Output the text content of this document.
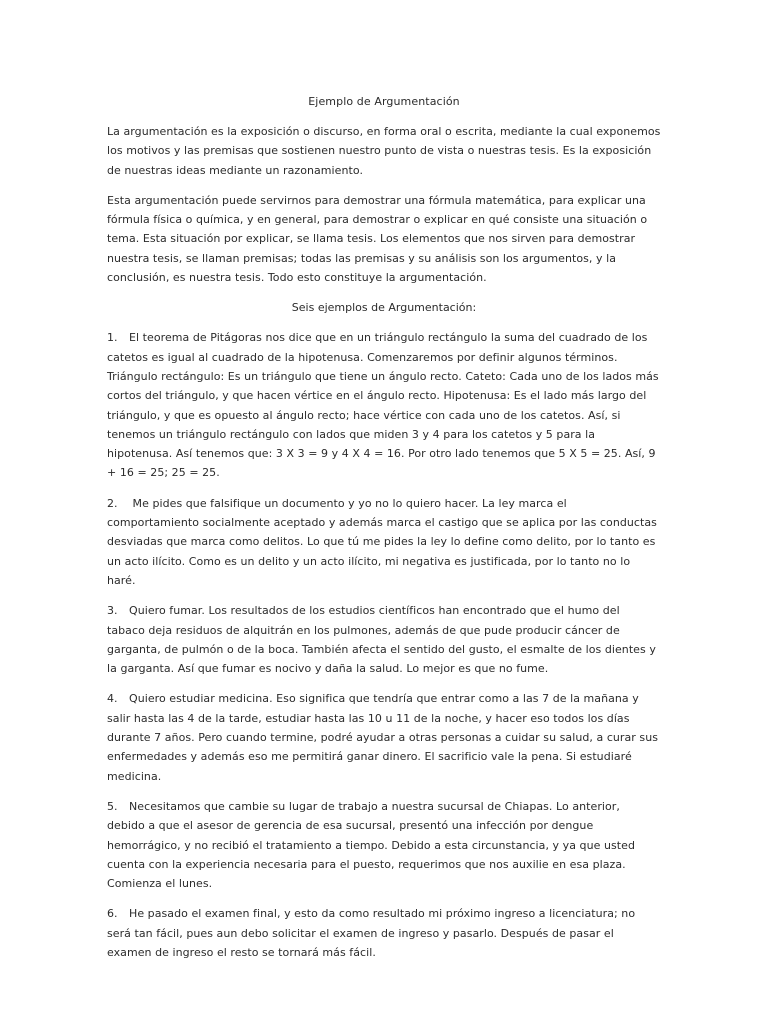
Ejemplo de Argumentación

La argumentación es la exposición o discurso, en forma oral o escrita, mediante la cual exponemos los motivos y las premisas que sostienen nuestro punto de vista o nuestras tesis. Es la exposición de nuestras ideas mediante un razonamiento.

Esta argumentación puede servirnos para demostrar una fórmula matemática, para explicar una fórmula física o química, y en general, para demostrar o explicar en qué consiste una situación o tema. Esta situación por explicar, se llama tesis. Los elementos que nos sirven para demostrar nuestra tesis, se llaman premisas; todas las premisas y su análisis son los argumentos, y la conclusión, es nuestra tesis. Todo esto constituye la argumentación.

Seis ejemplos de Argumentación:

1. El teorema de Pitágoras nos dice que en un triángulo rectángulo la suma del cuadrado de los catetos es igual al cuadrado de la hipotenusa. Comenzaremos por definir algunos términos. Triángulo rectángulo: Es un triángulo que tiene un ángulo recto. Cateto: Cada uno de los lados más cortos del triángulo, y que hacen vértice en el ángulo recto. Hipotenusa: Es el lado más largo del triángulo, y que es opuesto al ángulo recto; hace vértice con cada uno de los catetos. Así, si tenemos un triángulo rectángulo con lados que miden 3 y 4 para los catetos y 5 para la hipotenusa. Así tenemos que: 3 X 3 = 9 y 4 X 4 = 16. Por otro lado tenemos que 5 X 5 = 25. Así, 9 + 16 = 25; 25 = 25.

2. Me pides que falsifique un documento y yo no lo quiero hacer. La ley marca el comportamiento socialmente aceptado y además marca el castigo que se aplica por las conductas desviadas que marca como delitos. Lo que tú me pides la ley lo define como delito, por lo tanto es un acto ilícito. Como es un delito y un acto ilícito, mi negativa es justificada, por lo tanto no lo haré.

3. Quiero fumar. Los resultados de los estudios científicos han encontrado que el humo del tabaco deja residuos de alquitrán en los pulmones, además de que pude producir cáncer de garganta, de pulmón o de la boca. También afecta el sentido del gusto, el esmalte de los dientes y la garganta. Así que fumar es nocivo y daña la salud. Lo mejor es que no fume.

4. Quiero estudiar medicina. Eso significa que tendría que entrar como a las 7 de la mañana y salir hasta las 4 de la tarde, estudiar hasta las 10 u 11 de la noche, y hacer eso todos los días durante 7 años. Pero cuando termine, podré ayudar a otras personas a cuidar su salud, a curar sus enfermedades y además eso me permitirá ganar dinero. El sacrificio vale la pena. Si estudiaré medicina.

5. Necesitamos que cambie su lugar de trabajo a nuestra sucursal de Chiapas. Lo anterior, debido a que el asesor de gerencia de esa sucursal, presentó una infección por dengue hemorrágico, y no recibió el tratamiento a tiempo. Debido a esta circunstancia, y ya que usted cuenta con la experiencia necesaria para el puesto, requerimos que nos auxilie en esa plaza. Comienza el lunes.

6. He pasado el examen final, y esto da como resultado mi próximo ingreso a licenciatura; no será tan fácil, pues aun debo solicitar el examen de ingreso y pasarlo. Después de pasar el examen de ingreso el resto se tornará más fácil.
